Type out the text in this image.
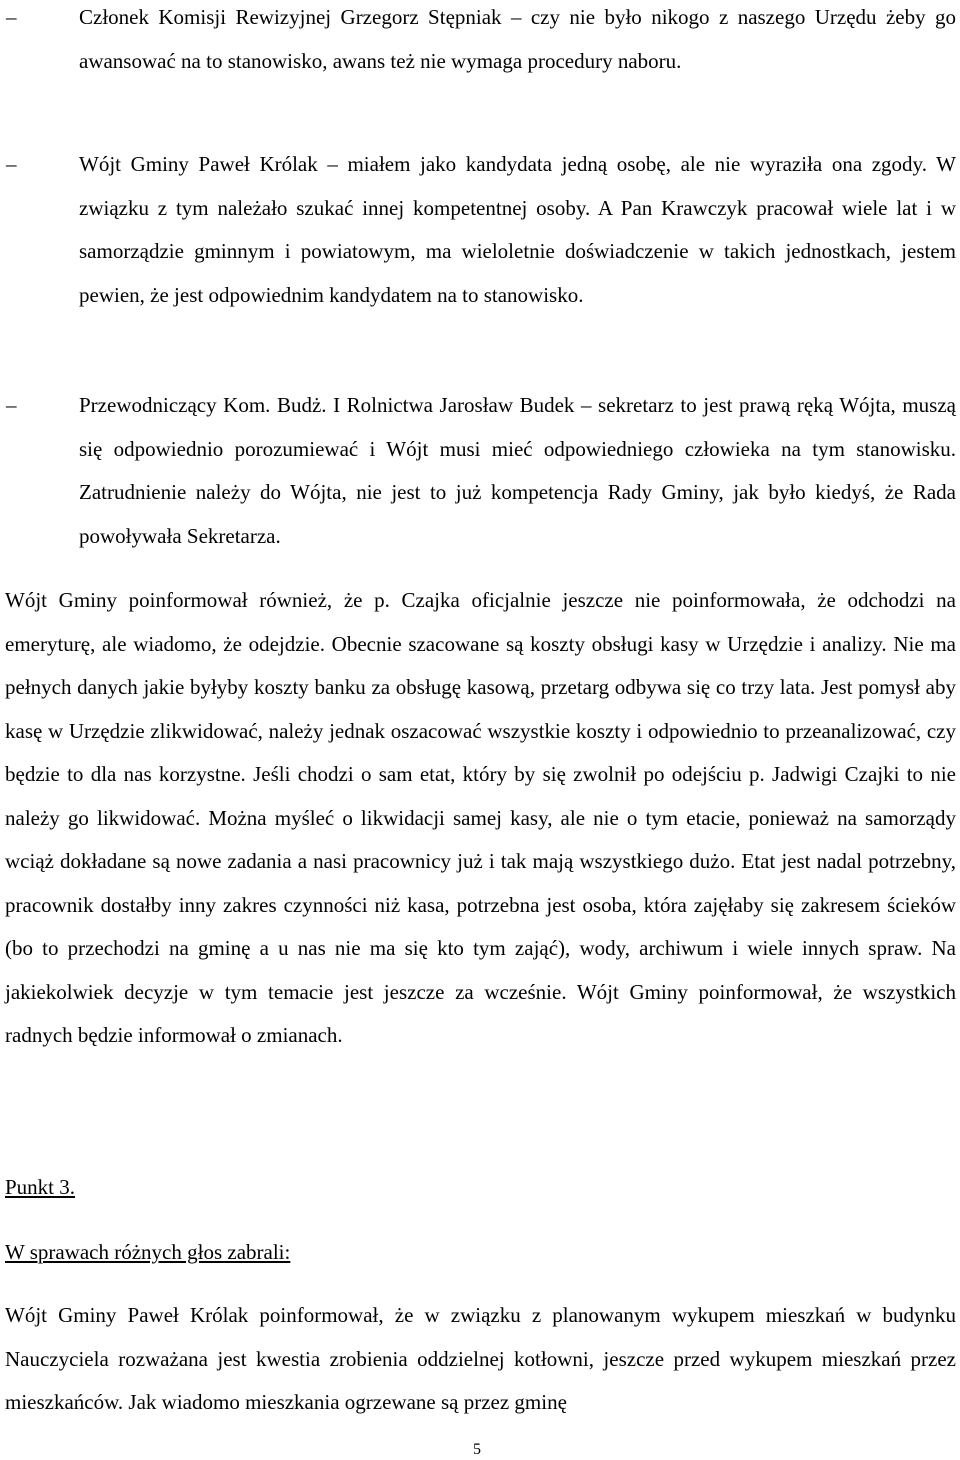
–	Członek Komisji Rewizyjnej Grzegorz Stępniak – czy nie było nikogo z naszego Urzędu żeby go awansować na to stanowisko, awans też nie wymaga procedury naboru.
–	Wójt Gminy Paweł Królak – miałem jako kandydata jedną osobę, ale nie wyraziła ona zgody. W związku z tym należało szukać innej kompetentnej osoby. A Pan Krawczyk pracował wiele lat i w samorządzie gminnym i powiatowym, ma wieloletnie doświadczenie w takich jednostkach, jestem pewien, że jest odpowiednim kandydatem na to stanowisko.
–	Przewodniczący Kom. Budż. I Rolnictwa Jarosław Budek – sekretarz to jest prawą ręką Wójta, muszą się odpowiednio porozumiewać i Wójt musi mieć odpowiedniego człowieka na tym stanowisku. Zatrudnienie należy do Wójta, nie jest to już kompetencja Rady Gminy, jak było kiedyś, że Rada powoływała Sekretarza.
Wójt Gminy poinformował również, że p. Czajka oficjalnie jeszcze nie poinformowała, że odchodzi na emeryturę, ale wiadomo, że odejdzie. Obecnie szacowane są koszty obsługi kasy w Urzędzie i analizy. Nie ma pełnych danych jakie byłyby koszty banku za obsługę kasową, przetarg odbywa się co trzy lata. Jest pomysł aby kasę w Urzędzie zlikwidować, należy jednak oszacować wszystkie koszty i odpowiednio to przeanalizować, czy będzie to dla nas korzystne. Jeśli chodzi o sam etat, który by się zwolnił po odejściu p. Jadwigi Czajki to nie należy go likwidować. Można myśleć o likwidacji samej kasy, ale nie o tym etacie, ponieważ na samorządy wciąż dokładane są nowe zadania a nasi pracownicy już i tak mają wszystkiego dużo. Etat jest nadal potrzebny, pracownik dostałby inny zakres czynności niż kasa, potrzebna jest osoba, która zajęłaby się zakresem ścieków (bo to przechodzi na gminę a u nas nie ma się kto tym zająć), wody, archiwum i wiele innych spraw. Na jakiekolwiek decyzje w tym temacie jest jeszcze za wcześnie. Wójt Gminy poinformował, że wszystkich radnych będzie informował o zmianach.
Punkt 3.
W sprawach różnych głos zabrali:
Wójt Gminy Paweł Królak poinformował, że w związku z planowanym wykupem mieszkań w budynku Nauczyciela rozważana jest kwestia zrobienia oddzielnej kotłowni, jeszcze przed wykupem mieszkań przez mieszkańców. Jak wiadomo mieszkania ogrzewane są przez gminę
5
